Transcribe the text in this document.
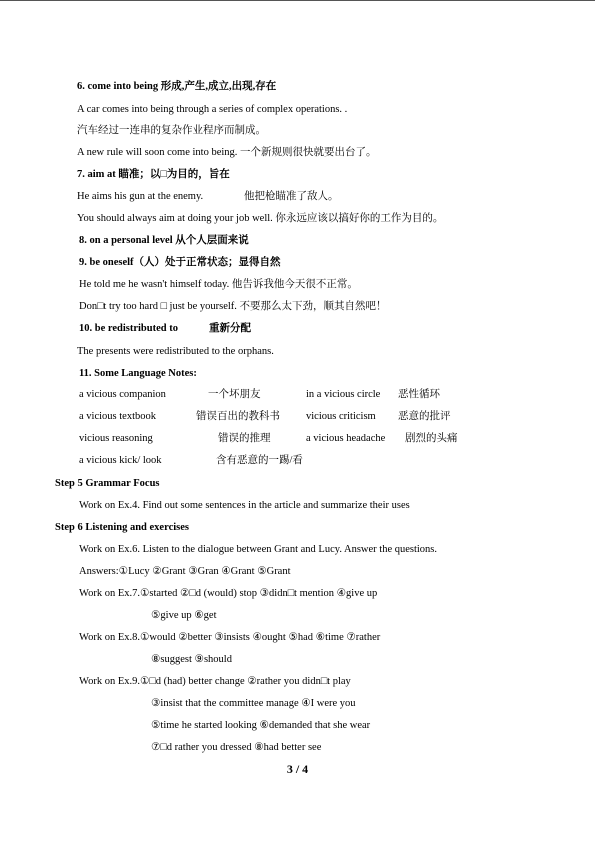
6. come into being 形成,产生,成立,出现,存在
A car comes into being through a series of complex operations. .
汽车经过一连串的复杂作业程序而制成。
A new rule will soon come into being. 一个新规则很快就要出台了。
7. aim at 瞄准；以□为目的，旨在
He aims his gun at the enemy.	他把枪瞄准了敌人。
You should always aim at doing your job well. 你永远应该以搞好你的工作为目的。
8. on a personal level 从个人层面来说
9. be oneself（人）处于正常状态；显得自然
He told me he wasn't himself today. 他告诉我他今天很不正常。
Don□t try too hard □ just be yourself. 不要那么太下劲，顺其自然吧！
10. be redistributed to	重新分配
The presents were redistributed to the orphans.
11. Some Language Notes:
a vicious companion	一个坏朋友	in a vicious circle 恶性循环
a vicious textbook	错误百出的教科书 vicious criticism 恶意的批评
vicious reasoning	错误的推理	a vicious headache 剧烈的头痛
a vicious kick/ look	含有恶意的一踢/看
Step 5 Grammar Focus
Work on Ex.4. Find out some sentences in the article and summarize their uses
Step 6 Listening and exercises
Work on Ex.6. Listen to the dialogue between Grant and Lucy. Answer the questions.
Answers:①Lucy ②Grant ③Gran ④Grant ⑤Grant
Work on Ex.7.①started ②□d (would) stop ③didn□t mention ④give up
⑤give up ⑥get
Work on Ex.8.①would ②better ③insists ④ought ⑤had ⑥time ⑦rather
⑧suggest ⑨should
Work on Ex.9.①□d (had) better change ②rather you didn□t play
③insist that the committee manage ④I were you
⑤time he started looking ⑥demanded that she wear
⑦□d rather you dressed ⑧had better see
3 / 4
